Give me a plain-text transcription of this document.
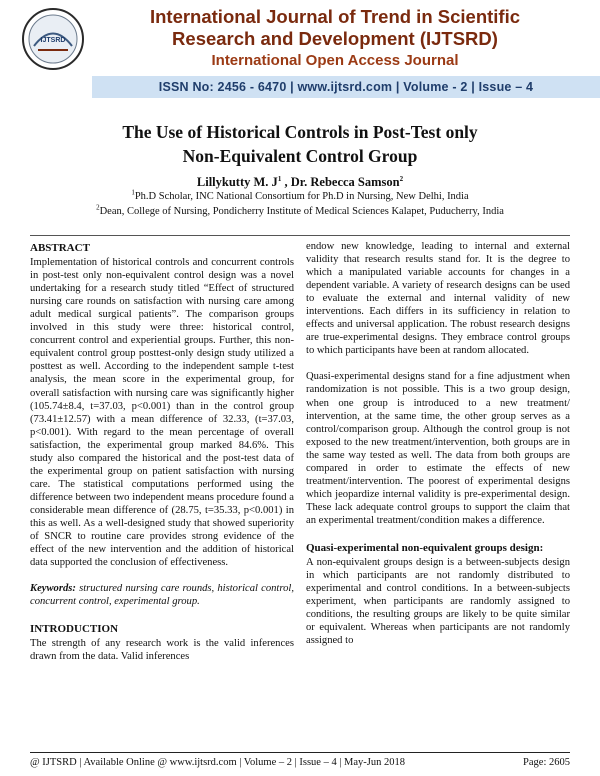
IJTSRD
International Journal of Trend in Scientific
Research and Development (IJTSRD)
International Open Access Journal
ISSN No: 2456 - 6470 | www.ijtsrd.com | Volume - 2 | Issue – 4
The Use of Historical Controls in Post-Test only
Non-Equivalent Control Group
Lillykutty M. $J^1$ , Dr. Rebecca Samson$^2$
$^1$Ph.D Scholar, INC National Consortium for Ph.D in Nursing, New Delhi, India
$^2$Dean, College of Nursing, Pondicherry Institute of Medical Sciences Kalapet, Puducherry, India

ABSTRACT

Implementation of historical controls and concurrent controls in post-test only non-equivalent control design was a novel undertaking for a research study titled “Effect of structured nursing care rounds on satisfaction with nursing care among adult medical surgical patients”. The comparison groups involved in this study were three: historical control, concurrent control and experiential groups. Further, this non-equivalent control group posttest-only design study utilized a posttest as well. According to the independent sample t-test analysis, the mean score in the experimental group, for overall satisfaction with nursing care was significantly higher (105.74±8.4, t=37.03, p<0.001) than in the control group (73.41±12.57) with a mean difference of 32.33, (t=37.03, p<0.001). With regard to the mean percentage of overall satisfaction, the experimental group marked 84.6%. This study also compared the historical and the post-test data of the experimental group on patient satisfaction with nursing care. The statistical computations performed using the difference between two independent means procedure found a considerable mean difference of (28.75, t=35.33, p<0.001) in this as well. As a well-designed study that showed superiority of SNCR to routine care provides strong evidence of the effect of the new intervention and the addition of historical data supported the conclusion of effectiveness.

Keywords: structured nursing care rounds, historical control, concurrent control, experimental group.

INTRODUCTION

The strength of any research work is the valid inferences drawn from the data. Valid inferences

endow new knowledge, leading to internal and external validity that research results stand for. It is the degree to which a manipulated variable accounts for changes in a dependent variable. A variety of research designs can be used to evaluate the external and internal validity of new interventions. Each differs in its sufficiency in relation to effects and universal application. The robust research designs are true-experimental designs. They embrace control groups to which participants have been at random allocated.

Quasi-experimental designs stand for a fine adjustment when randomization is not possible. This is a two group design, when one group is introduced to a new treatment/ intervention, at the same time, the other group serves as a control/comparison group. Although the control group is not exposed to the new treatment/intervention, both groups are in the same way tested as well. The data from both groups are compared in order to estimate the effects of new treatment/intervention. The poorest of experimental designs which jeopardize internal validity is pre-experimental design. These lack adequate control groups to support the claim that an experimental treatment/condition makes a difference.

Quasi-experimental non-equivalent groups design:

A non-equivalent groups design is a between-subjects design in which participants are not randomly distributed to experimental and control conditions. In a between-subjects experiment, when participants are randomly assigned to conditions, the resulting groups are likely to be quite similar or equivalent. Whereas when participants are not randomly assigned to

@ IJTSRD | Available Online @ www.ijtsrd.com | Volume – 2 | Issue – 4 | May-Jun 2018	Page: 2605
